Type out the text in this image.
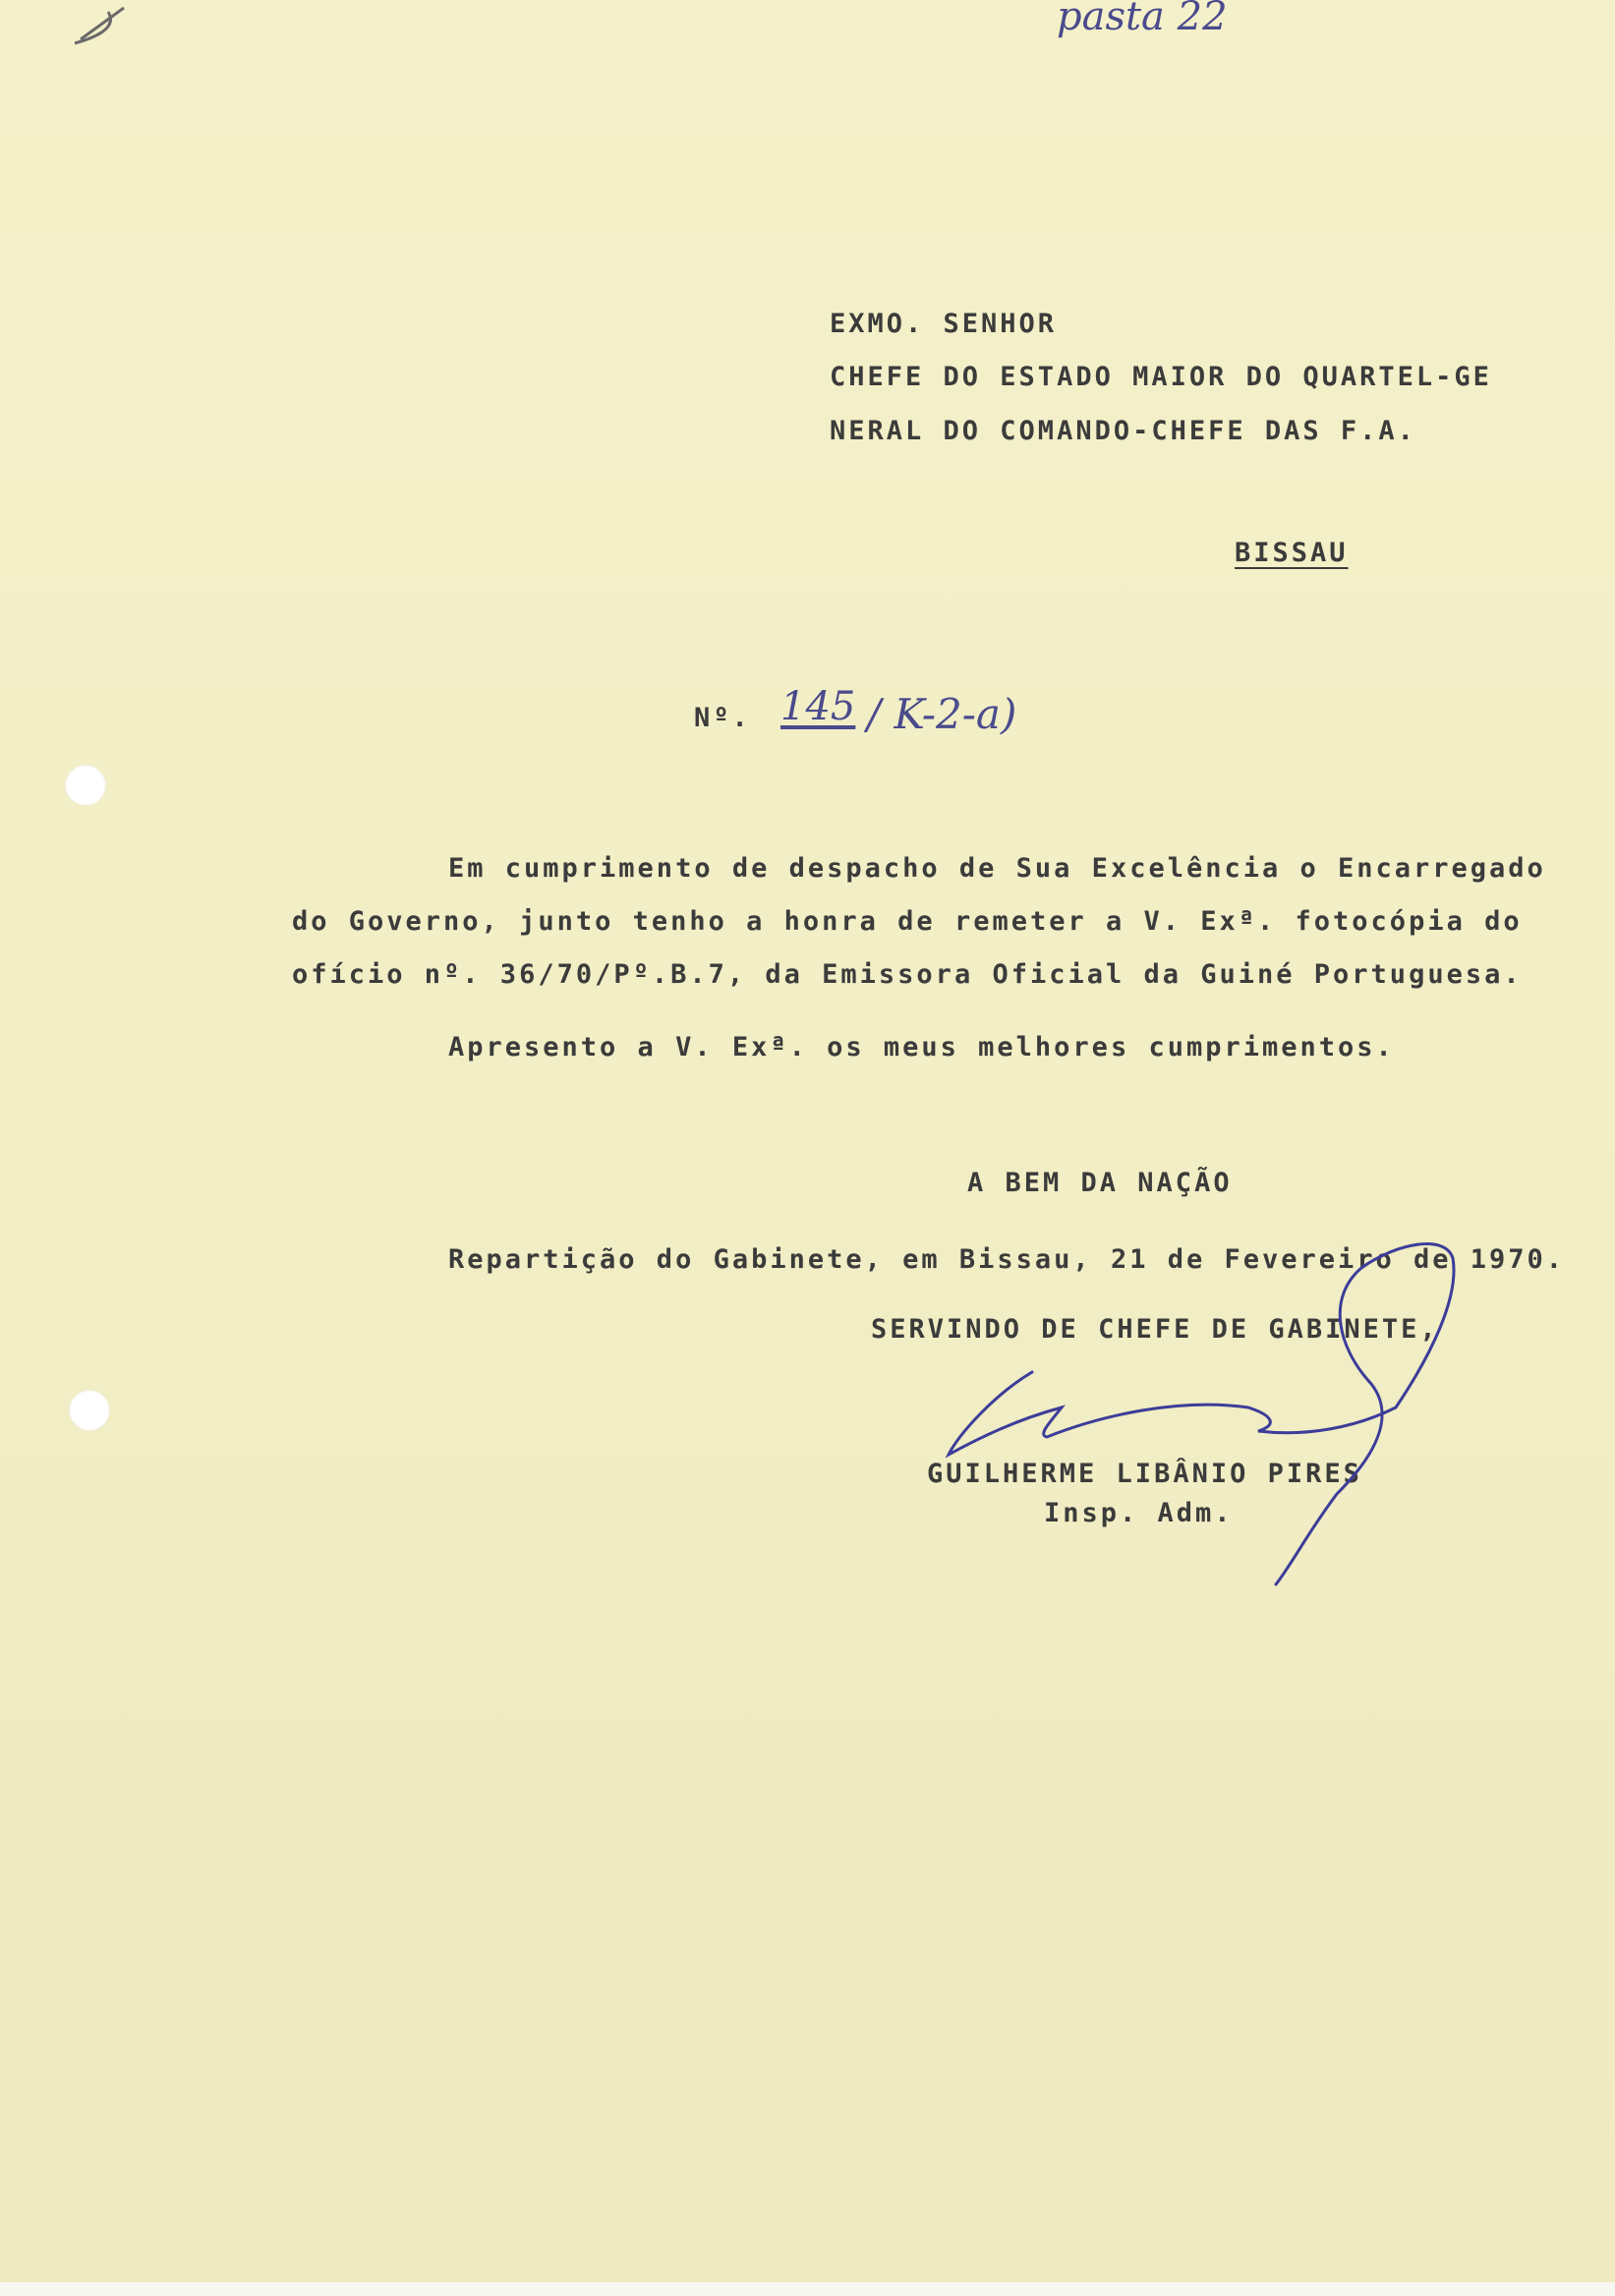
pasta 22
EXMO. SENHOR
CHEFE DO ESTADO MAIOR DO QUARTEL-GE
NERAL DO COMANDO-CHEFE DAS F.A.
BISSAU
Nº. 145 / K-2-a)
Em cumprimento de despacho de Sua Excelência o Encarregado
do Governo, junto tenho a honra de remeter a V. Exª. fotocópia do
ofício nº. 36/70/Pº.B.7, da Emissora Oficial da Guiné Portuguesa.
Apresento a V. Exª. os meus melhores cumprimentos.
A BEM DA NAÇÃO
Repartição do Gabinete, em Bissau, 21 de Fevereiro de 1970.
SERVINDO DE CHEFE DE GABINETE,
GUILHERME LIBÂNIO PIRES
Insp. Adm.
